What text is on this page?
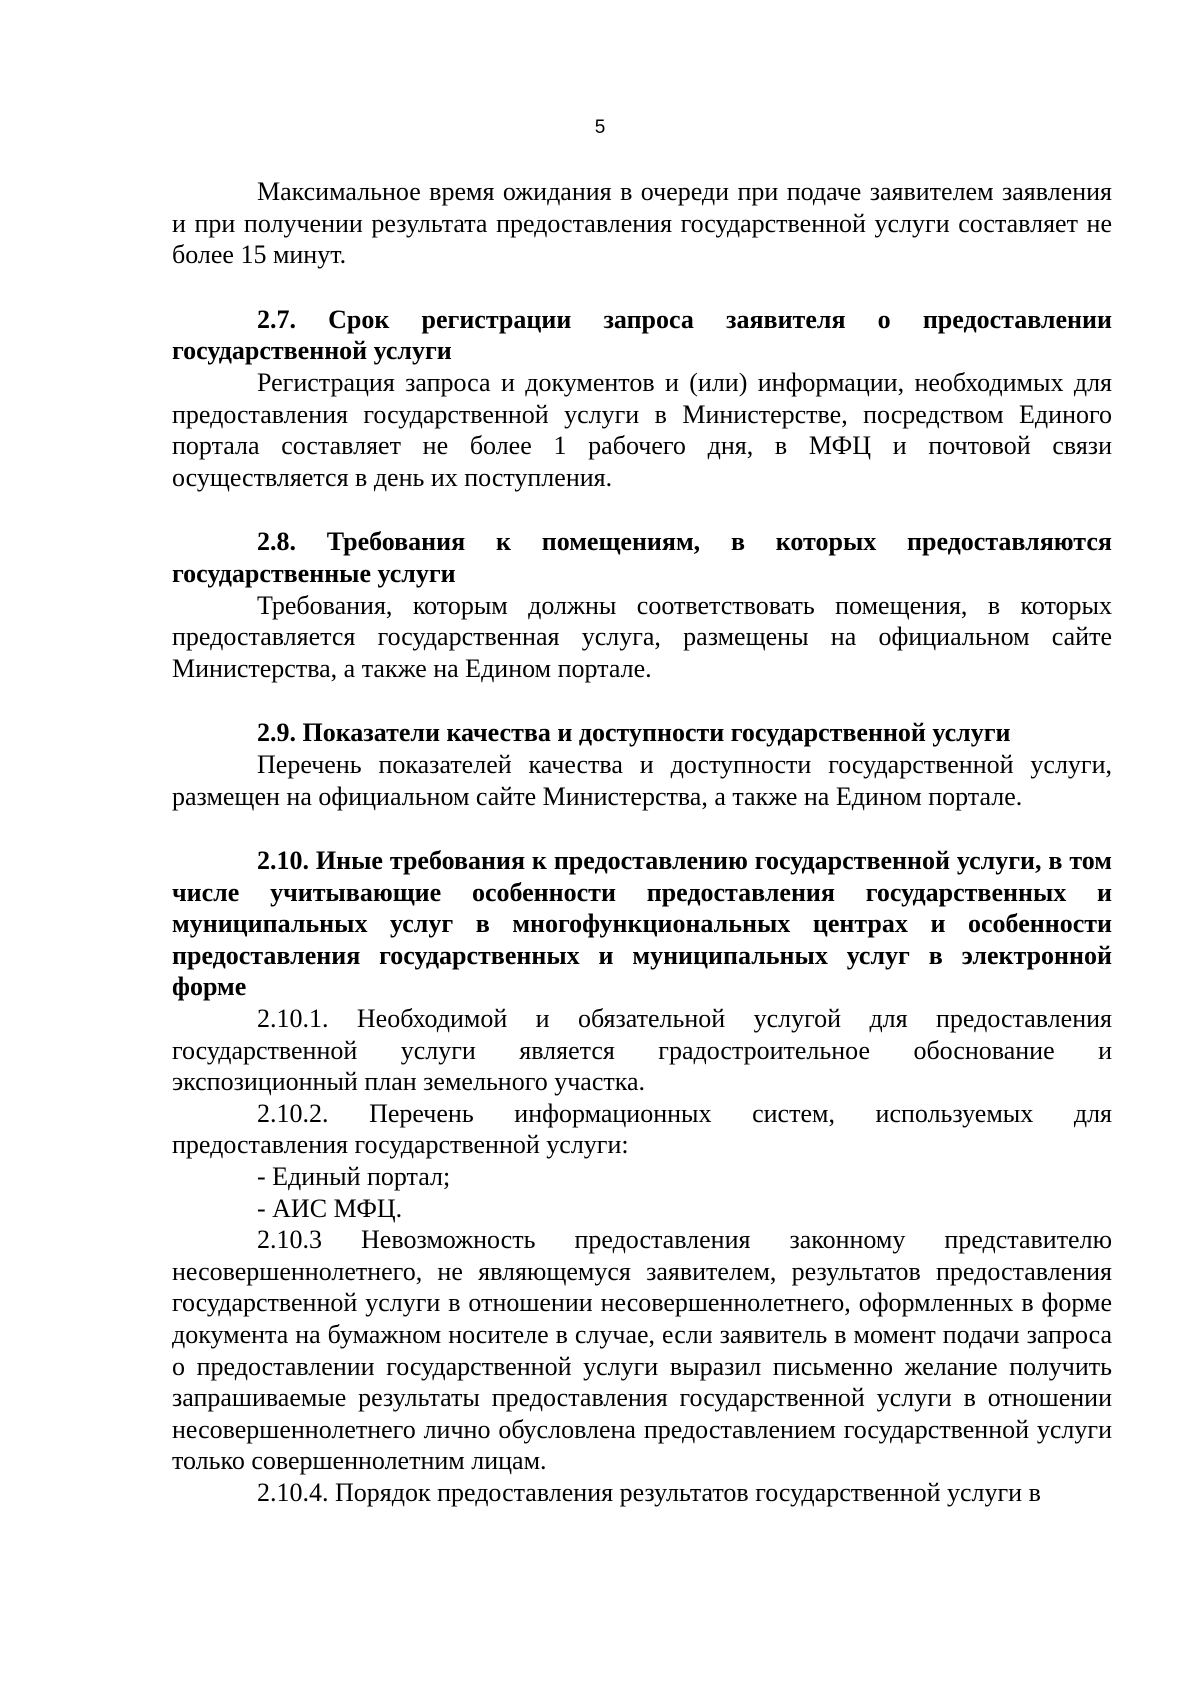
5

Максимальное время ожидания в очереди при подаче заявителем заявления и при получении результата предоставления государственной услуги составляет не более 15 минут.

2.7. Срок регистрации запроса заявителя о предоставлении государственной услуги

Регистрация запроса и документов и (или) информации, необходимых для предоставления государственной услуги в Министерстве, посредством Единого портала составляет не более 1 рабочего дня, в МФЦ и почтовой связи осуществляется в день их поступления.

2.8. Требования к помещениям, в которых предоставляются государственные услуги

Требования, которым должны соответствовать помещения, в которых предоставляется государственная услуга, размещены на официальном сайте Министерства, а также на Едином портале.

2.9. Показатели качества и доступности государственной услуги

Перечень показателей качества и доступности государственной услуги, размещен на официальном сайте Министерства, а также на Едином портале.

2.10. Иные требования к предоставлению государственной услуги, в том числе учитывающие особенности предоставления государственных и муниципальных услуг в многофункциональных центрах и особенности предоставления государственных и муниципальных услуг в электронной форме

2.10.1. Необходимой и обязательной услугой для предоставления государственной услуги является градостроительное обоснование и экспозиционный план земельного участка.

2.10.2. Перечень информационных систем, используемых для предоставления государственной услуги:

- Единый портал;

- АИС МФЦ.

2.10.3 Невозможность предоставления законному представителю несовершеннолетнего, не являющемуся заявителем, результатов предоставления государственной услуги в отношении несовершеннолетнего, оформленных в форме документа на бумажном носителе в случае, если заявитель в момент подачи запроса о предоставлении государственной услуги выразил письменно желание получить запрашиваемые результаты предоставления государственной услуги в отношении несовершеннолетнего лично обусловлена предоставлением государственной услуги только совершеннолетним лицам.

2.10.4. Порядок предоставления результатов государственной услуги в
